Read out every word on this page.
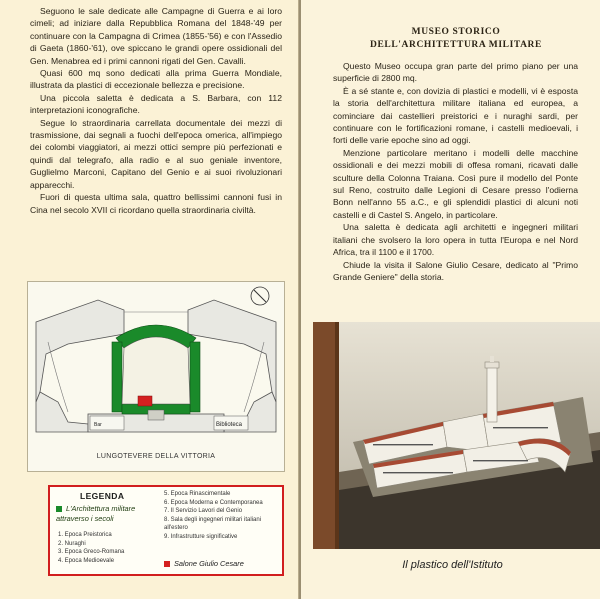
Seguono le sale dedicate alle Campagne di Guerra e ai loro cimeli; ad iniziare dalla Repubblica Romana del 1848-'49 per continuare con la Campagna di Crimea (1855-'56) e con l'Assedio di Gaeta (1860-'61), ove spiccano le grandi opere ossidionali del Gen. Menabrea ed i primi cannoni rigati del Gen. Cavalli.

Quasi 600 mq sono dedicati alla prima Guerra Mondiale, illustrata da plastici di eccezionale bellezza e precisione.

Una piccola saletta è dedicata a S. Barbara, con 112 interpretazioni iconografiche.

Segue lo straordinaria carrellata documentale dei mezzi di trasmissione, dai segnali a fuochi dell'epoca omerica, all'impiego dei colombi viaggiatori, ai mezzi ottici sempre più perfezionati e quindi dal telegrafo, alla radio e al suo geniale inventore, Guglielmo Marconi, Capitano del Genio e ai suoi rivoluzionari apparecchi.

Fuori di questa ultima sala, quattro bellissimi cannoni fusi in Cina nel secolo XVII ci ricordano quella straordinaria civiltà.

Bar	Biblioteca
LUNGOTEVERE DELLA VITTORIA
LEGENDA
L'Architettura militare attraverso i secoli
1. Epoca Preistorica
2. Nuraghi
3. Epoca Greco-Romana
4. Epoca Medioevale
5. Epoca Rinascimentale
6. Epoca Moderna e Contemporanea
7. Il Servizio Lavori del Genio
8. Sala degli ingegneri militari italiani all'estero
9. Infrastrutture significative
Salone Giulio Cesare
MUSEO STORICO
DELL'ARCHITETTURA MILITARE

Questo Museo occupa gran parte del primo piano per una superficie di 2800 mq.

È a sé stante e, con dovizia di plastici e modelli, vi è esposta la storia dell'architettura militare italiana ed europea, a cominciare dai castellieri preistorici e i nuraghi sardi, per continuare con le fortificazioni romane, i castelli medioevali, i forti delle varie epoche sino ad oggi.

Menzione particolare meritano i modelli delle macchine ossidionali e dei mezzi mobili di offesa romani, ricavati dalle sculture della Colonna Traiana. Così pure il modello del Ponte sul Reno, costruito dalle Legioni di Cesare presso l'odierna Bonn nell'anno 55 a.C., e gli splendidi plastici di alcuni noti castelli e di Castel S. Angelo, in particolare.

Una saletta è dedicata agli architetti e ingegneri militari italiani che svolsero la loro opera in tutta l'Europa e nel Nord Africa, tra il 1100 e il 1700.

Chiude la visita il Salone Giulio Cesare, dedicato al "Primo Grande Geniere" della storia.

Il plastico dell'Istituto
